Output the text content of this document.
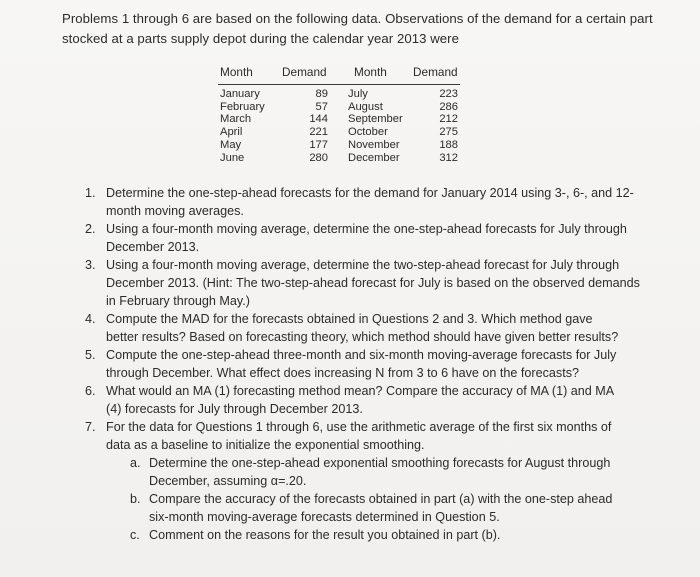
Problems 1 through 6 are based on the following data. Observations of the demand for a certain part
stocked at a parts supply depot during the calendar year 2013 were
Month Demand Month Demand
January
February
March
April
May
June
89
57
144
221
177
280
July
August
September
October
November
December
223
286
212
275
188
312
1. Determine the one-step-ahead forecasts for the demand for January 2014 using 3-, 6-, and 12-
month moving averages.
2. Using a four-month moving average, determine the one-step-ahead forecasts for July through
December 2013.
3. Using a four-month moving average, determine the two-step-ahead forecast for July through
December 2013. (Hint: The two-step-ahead forecast for July is based on the observed demands
in February through May.)
4. Compute the MAD for the forecasts obtained in Questions 2 and 3. Which method gave
better results? Based on forecasting theory, which method should have given better results?
5. Compute the one-step-ahead three-month and six-month moving-average forecasts for July
through December. What effect does increasing N from 3 to 6 have on the forecasts?
6. What would an MA (1) forecasting method mean? Compare the accuracy of MA (1) and MA
(4) forecasts for July through December 2013.
7. For the data for Questions 1 through 6, use the arithmetic average of the first six months of
data as a baseline to initialize the exponential smoothing.
a. Determine the one-step-ahead exponential smoothing forecasts for August through
December, assuming α=.20.
b. Compare the accuracy of the forecasts obtained in part (a) with the one-step ahead
six-month moving-average forecasts determined in Question 5.
c. Comment on the reasons for the result you obtained in part (b).
